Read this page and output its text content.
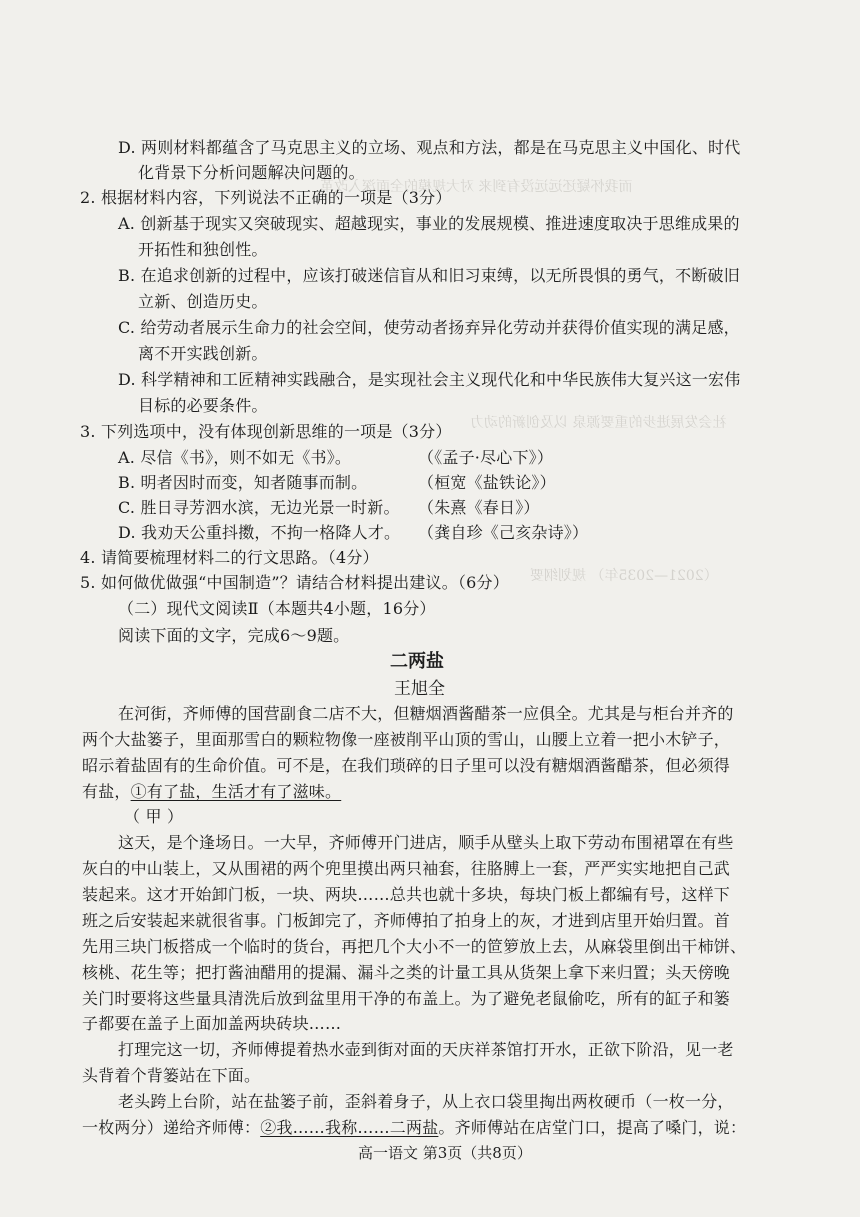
而我怀疑还远远没有到来 对大规模的全面深入改革
社会发展进步的重要源泉 以及创新的动力
（2021—2035年） 规划纲要
D. 两则材料都蕴含了马克思主义的立场、观点和方法，都是在马克思主义中国化、时代
化背景下分析问题解决问题的。
2. 根据材料内容，下列说法不正确的一项是（3分）
A. 创新基于现实又突破现实、超越现实，事业的发展规模、推进速度取决于思维成果的
开拓性和独创性。
B. 在追求创新的过程中，应该打破迷信盲从和旧习束缚，以无所畏惧的勇气，不断破旧
立新、创造历史。
C. 给劳动者展示生命力的社会空间，使劳动者扬弃异化劳动并获得价值实现的满足感，
离不开实践创新。
D. 科学精神和工匠精神实践融合，是实现社会主义现代化和中华民族伟大复兴这一宏伟
目标的必要条件。
3. 下列选项中，没有体现创新思维的一项是（3分）
A. 尽信《书》，则不如无《书》。	（《孟子·尽心下》）
B. 明者因时而变，知者随事而制。	（桓宽《盐铁论》）
C. 胜日寻芳泗水滨，无边光景一时新。 （朱熹《春日》）
D. 我劝天公重抖擞，不拘一格降人才。 （龚自珍《己亥杂诗》）
4. 请简要梳理材料二的行文思路。（4分）
5. 如何做优做强“中国制造”？请结合材料提出建议。（6分）
（二）现代文阅读Ⅱ（本题共4小题，16分）
阅读下面的文字，完成6～9题。
二两盐
王旭全
在河街，齐师傅的国营副食二店不大，但糖烟酒酱醋茶一应俱全。尤其是与柜台并齐的
两个大盐篓子，里面那雪白的颗粒物像一座被削平山顶的雪山，山腰上立着一把小木铲子，
昭示着盐固有的生命价值。可不是，在我们琐碎的日子里可以没有糖烟酒酱醋茶，但必须得
有盐，①有了盐，生活才有了滋味。
（ 甲 ）
这天，是个逢场日。一大早，齐师傅开门进店，顺手从壁头上取下劳动布围裙罩在有些
灰白的中山装上，又从围裙的两个兜里摸出两只袖套，往胳膊上一套，严严实实地把自己武
装起来。这才开始卸门板，一块、两块……总共也就十多块，每块门板上都编有号，这样下
班之后安装起来就很省事。门板卸完了，齐师傅拍了拍身上的灰，才进到店里开始归置。首
先用三块门板搭成一个临时的货台，再把几个大小不一的笸箩放上去，从麻袋里倒出干柿饼、
核桃、花生等；把打酱油醋用的提漏、漏斗之类的计量工具从货架上拿下来归置；头天傍晚
关门时要将这些量具清洗后放到盆里用干净的布盖上。为了避免老鼠偷吃，所有的缸子和篓
子都要在盖子上面加盖两块砖块……
打理完这一切，齐师傅提着热水壶到街对面的天庆祥茶馆打开水，正欲下阶沿，见一老
头背着个背篓站在下面。
老头跨上台阶，站在盐篓子前，歪斜着身子，从上衣口袋里掏出两枚硬币（一枚一分，
一枚两分）递给齐师傅：②我……我称……二两盐。齐师傅站在店堂门口，提高了嗓门，说：
高一语文 第3页（共8页）
